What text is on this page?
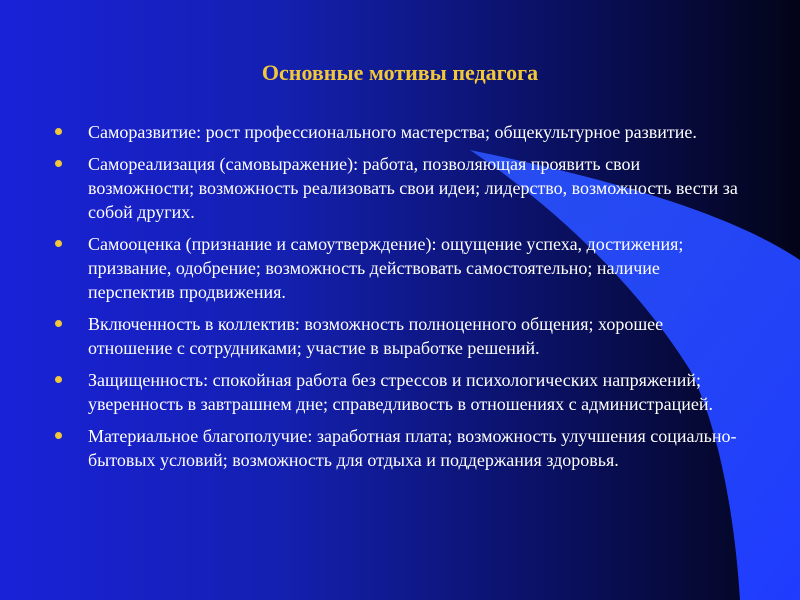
Основные мотивы педагога
Саморазвитие: рост профессионального мастерства; общекультурное развитие.
Самореализация (самовыражение): работа, позволяющая проявить свои возможности; возможность реализовать свои идеи; лидерство, возможность вести за собой других.
Самооценка (признание и самоутверждение): ощущение успеха, достижения; призвание, одобрение; возможность действовать самостоятельно; наличие перспектив продвижения.
Включенность в коллектив: возможность полноценного общения; хорошее отношение с сотрудниками; участие в выработке решений.
Защищенность: спокойная работа без стрессов и психологических напряжений; уверенность в завтрашнем дне; справедливость в отношениях с администрацией.
Материальное благополучие: заработная плата; возможность улучшения социально-бытовых условий; возможность для отдыха и поддержания здоровья.
